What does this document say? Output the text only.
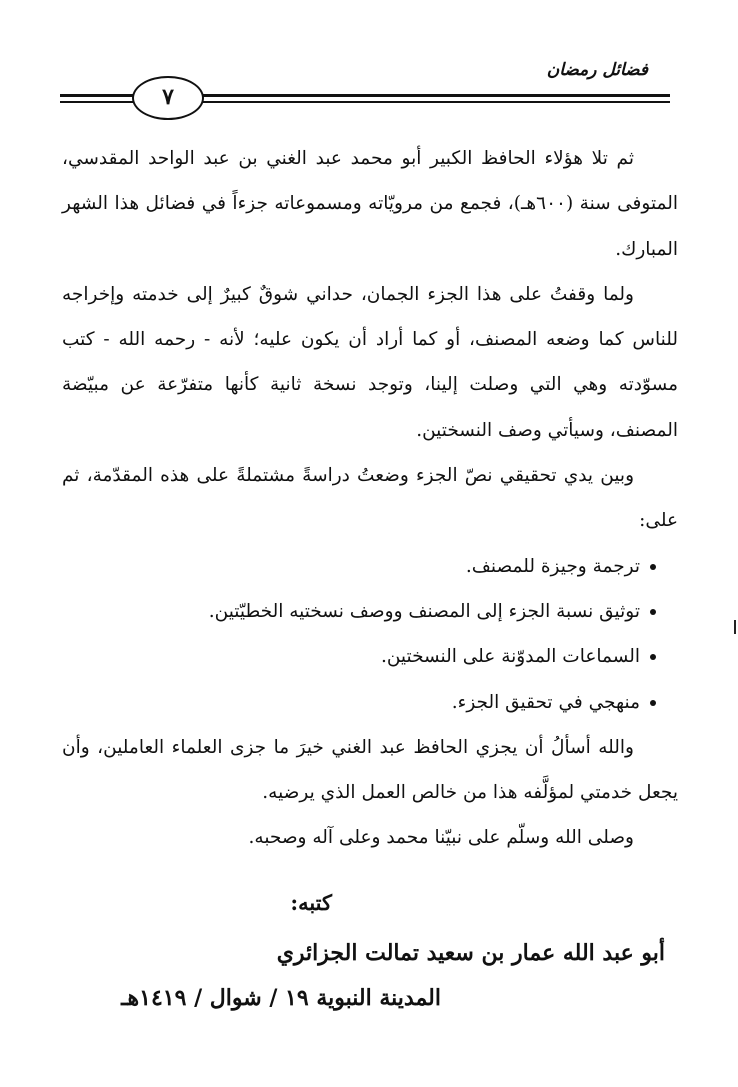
فضائل رمضان
٧

ثم تلا هؤلاء الحافظ الكبير أبو محمد عبد الغني بن عبد الواحد المقدسي، المتوفى سنة (٦٠٠هـ)، فجمع من مرويّاته ومسموعاته جزءاً في فضائل هذا الشهر المبارك.

ولما وقفتُ على هذا الجزء الجمان، حداني شوقٌ كبيرٌ إلى خدمته وإخراجه للناس كما وضعه المصنف، أو كما أراد أن يكون عليه؛ لأنه - رحمه الله - كتب مسوّدته وهي التي وصلت إلينا، وتوجد نسخة ثانية كأنها متفرّعة عن مبيّضة المصنف، وسيأتي وصف النسختين.

وبين يدي تحقيقي نصّ الجزء وضعتُ دراسةً مشتملةً على هذه المقدّمة، ثم على:

ترجمة وجيزة للمصنف.
توثيق نسبة الجزء إلى المصنف ووصف نسختيه الخطيّتين.
السماعات المدوّنة على النسختين.
منهجي في تحقيق الجزء.

والله أسألُ أن يجزي الحافظ عبد الغني خيرَ ما جزى العلماء العاملين، وأن يجعل خدمتي لمؤلَّفه هذا من خالص العمل الذي يرضيه.

وصلى الله وسلّم على نبيّنا محمد وعلى آله وصحبه.

كتبه:
أبو عبد الله عمار بن سعيد تمالت الجزائري
المدينة النبوية ١٩ / شوال / ١٤١٩هـ
